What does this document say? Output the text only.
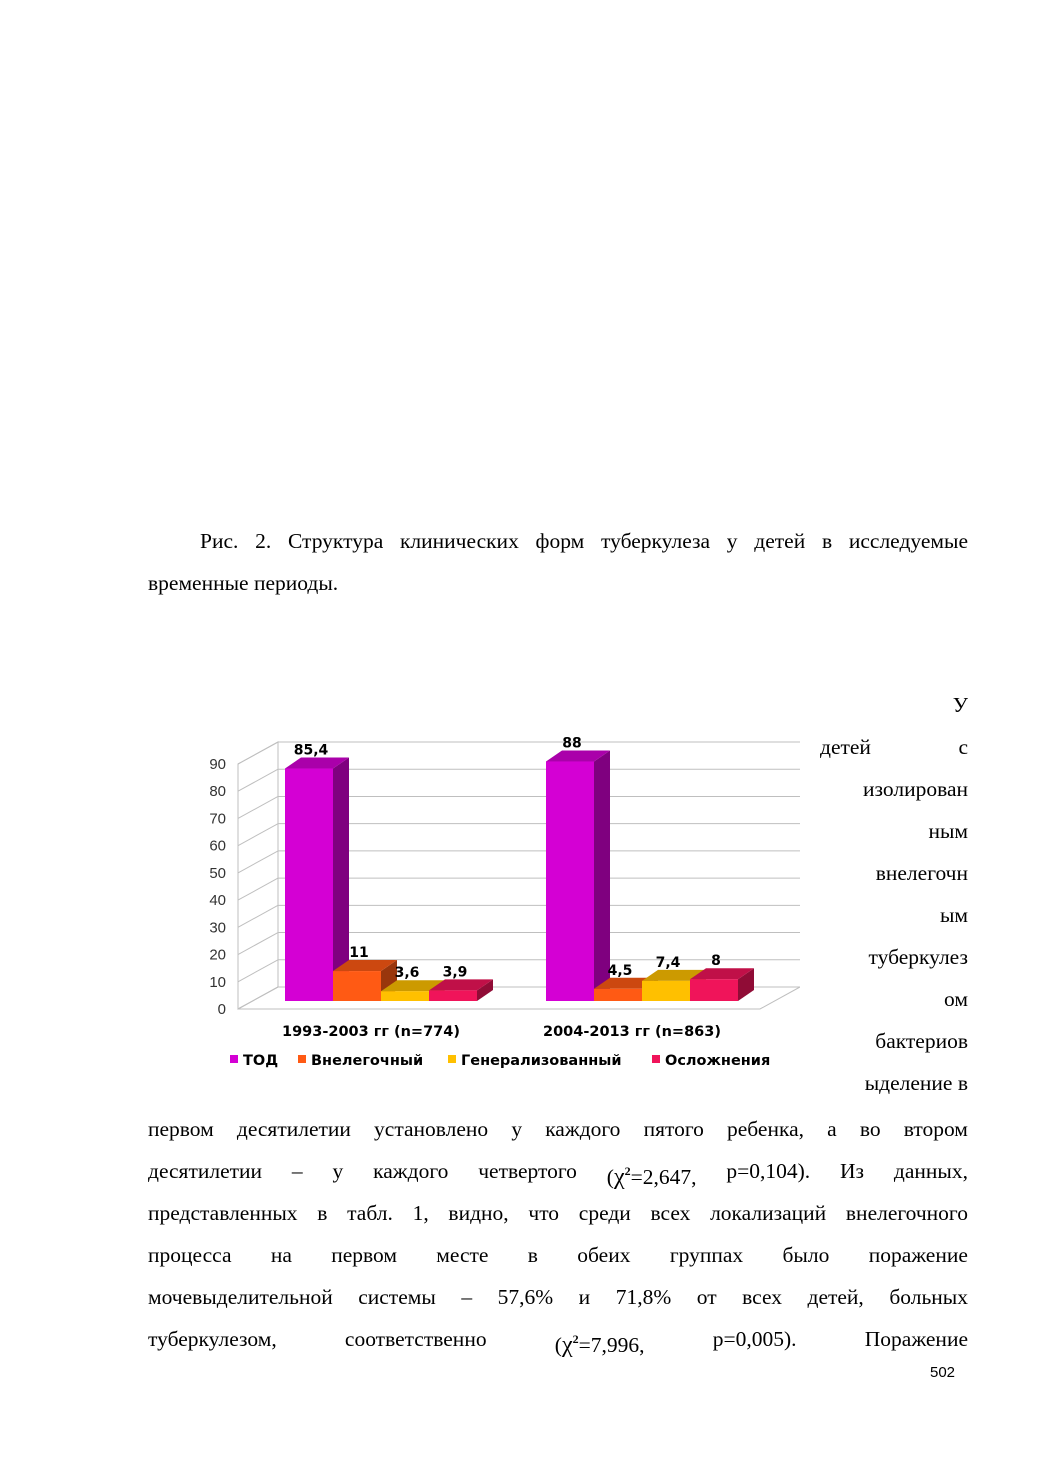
Рис. 2. Структура клинических форм туберкулеза у детей в исследуемые
временные периоды.
0
10
20
30
40
50
60
70
80
90
85,4
11
3,6 3,9
1993-2003 гг (n=774)
88
4,5 7,4 8
2004-2013 гг (n=863)
ТОД Внелегочный	Генерализованный	Осложнения
У
детей	с
изолирован
ным
внелегочн
ым
туберкулез
ом
бактериов
ыделение в
первом десятилетии установлено у каждого пятого ребенка, а во втором
десятилетии – у каждого четвертого ($\chi^2=2,647$, p=0,104). Из данных,
представленных в табл. 1, видно, что среди всех локализаций внелегочного
процесса на первом месте в обеих группах было поражение
мочевыделительной системы – 57,6% и 71,8% от всех детей, больных
туберкулезом,	соответственно	($\chi^2=7,996$,	p=0,005).	Поражение
502
